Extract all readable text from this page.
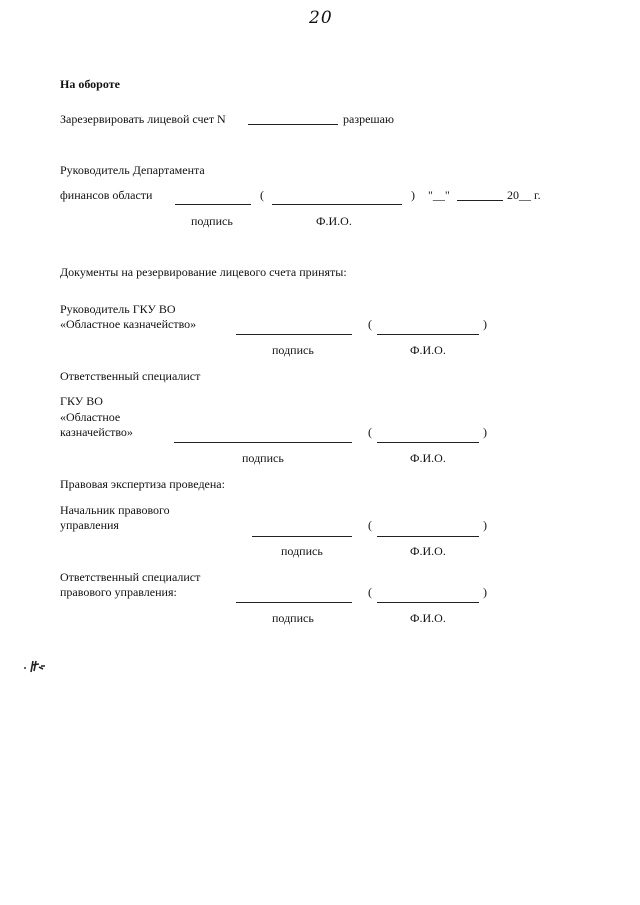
20
На обороте
Зарезервировать лицевой счет N	разрешаю
Руководитель Департамента
финансов области	(	) "__"	20__ г.
подпись	Ф.И.О.
Документы на резервирование лицевого счета приняты:
Руководитель ГКУ ВО
«Областное казначейство»	(	)
подпись	Ф.И.О.
Ответственный специалист
ГКУ ВО
«Областное
казначейство»	(	)
подпись	Ф.И.О.
Правовая экспертиза проведена:
Начальник правового
управления	(	)
подпись	Ф.И.О.
Ответственный специалист
правового управления:	(	)
подпись	Ф.И.О.
